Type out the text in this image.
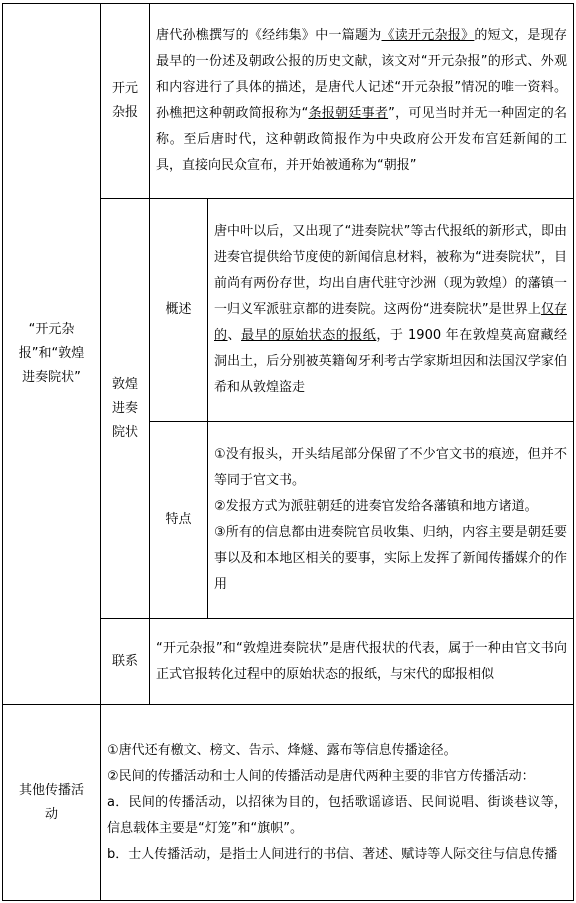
“开元杂报”和“敦煌进奏院状”	开元杂报	唐代孙樵撰写的《经纬集》中一篇题为《读开元杂报》的短文，是现存最早的一份述及朝政公报的历史文献，该文对“开元杂报”的形式、外观和内容进行了具体的描述，是唐代人记述“开元杂报”情况的唯一资料。孙樵把这种朝政简报称为“条报朝廷事者”，可见当时并无一种固定的名称。至后唐时代，这种朝政简报作为中央政府公开发布宫廷新闻的工具，直接向民众宣布，并开始被通称为“朝报”	

	敦煌进奏院状	概述	唐中叶以后，又出现了“进奏院状”等古代报纸的新形式，即由进奏官提供给节度使的新闻信息材料，被称为“进奏院状”，目前尚有两份存世，均出自唐代驻守沙洲（现为敦煌）的藩镇一一归义军派驻京都的进奏院。这两份“进奏院状”是世界上仅存的、最早的原始状态的报纸，于 1900 年在敦煌莫高窟藏经洞出土，后分别被英籍匈牙利考古学家斯坦因和法国汉学家伯希和从敦煌盗走

		特点	①没有报头，开头结尾部分保留了不少官文书的痕迹，但并不等同于官文书。
②发报方式为派驻朝廷的进奏官发给各藩镇和地方诸道。
③所有的信息都由进奏院官员收集、归纳，内容主要是朝廷要事以及和本地区相关的要事，实际上发挥了新闻传播媒介的作用

	联系	“开元杂报”和“敦煌进奏院状”是唐代报状的代表，属于一种由官文书向正式官报转化过程中的原始状态的报纸，与宋代的邸报相似	

其他传播活动	①唐代还有檄文、榜文、告示、烽燧、露布等信息传播途径。
②民间的传播活动和士人间的传播活动是唐代两种主要的非官方传播活动：
a．民间的传播活动，以招徕为目的，包括歌谣谚语、民间说唱、街谈巷议等，信息载体主要是“灯笼”和“旗帜”。
b．士人传播活动，是指士人间进行的书信、著述、赋诗等人际交往与信息传播		
